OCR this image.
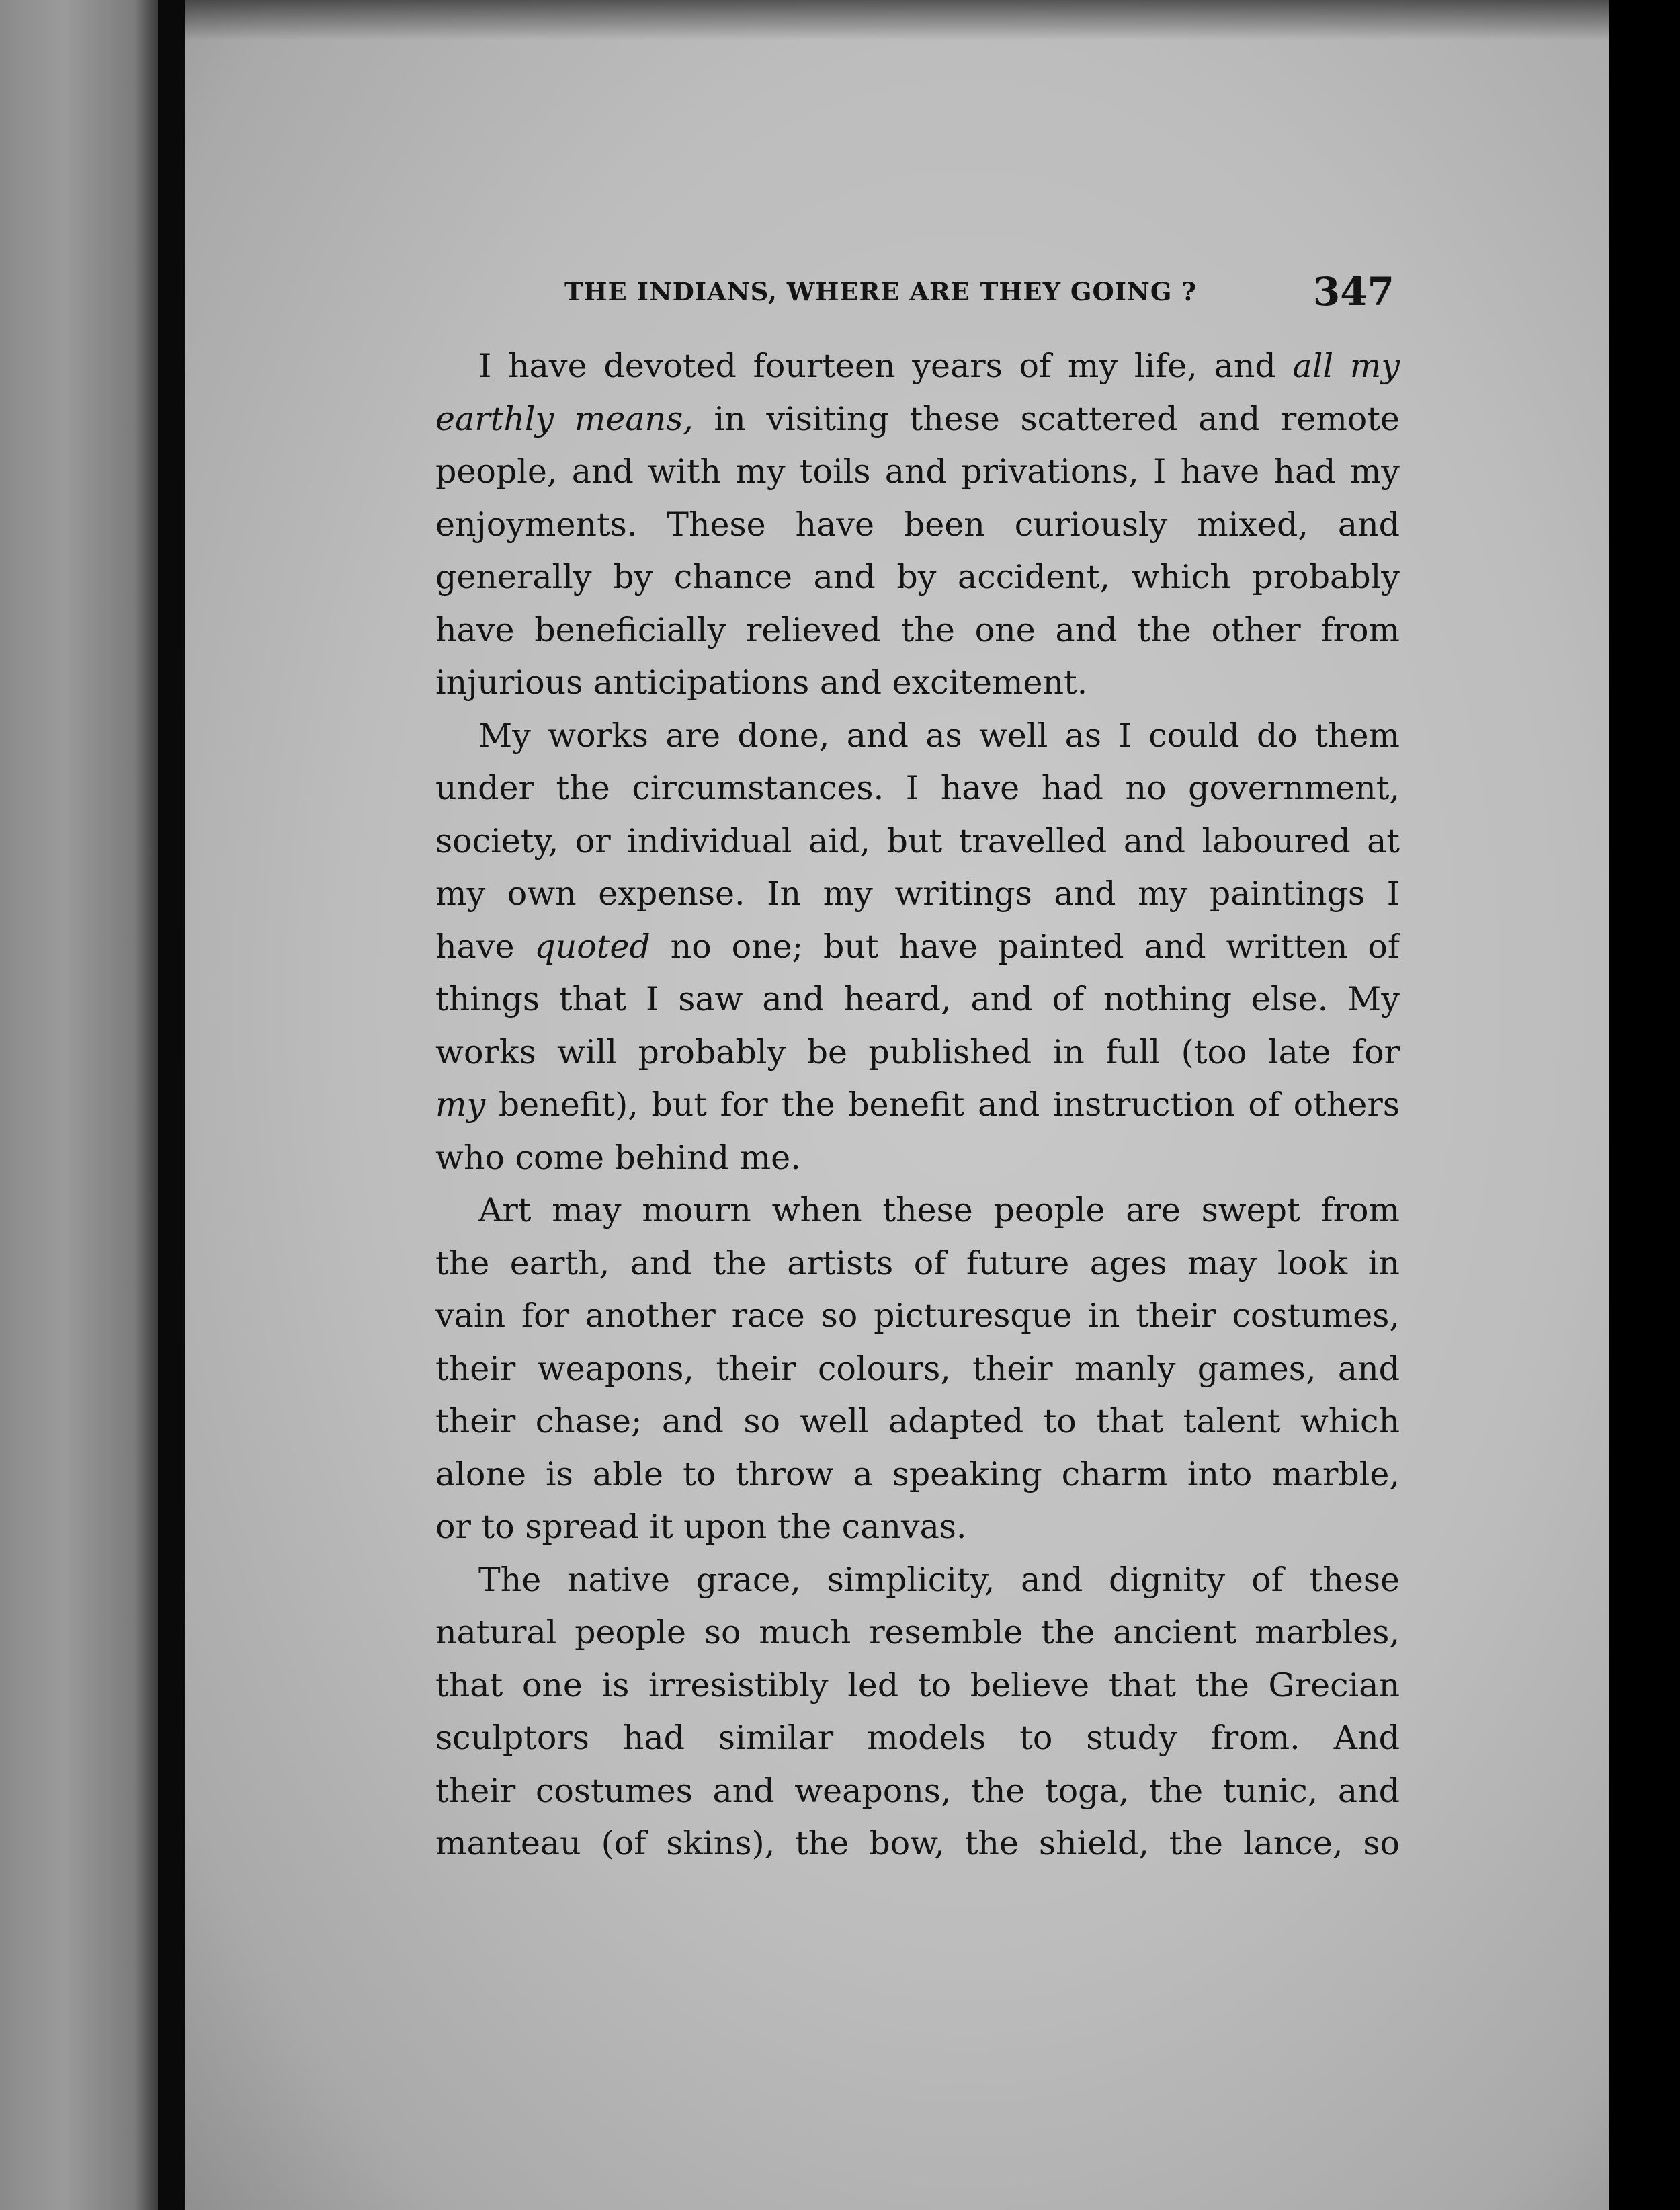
THE INDIANS, WHERE ARE THEY GOING ?	347
I have devoted fourteen years of my life, and all my
earthly means, in visiting these scattered and remote
people, and with my toils and privations, I have had my
enjoyments. These have been curiously mixed, and
generally by chance and by accident, which probably
have beneficially relieved the one and the other from
injurious anticipations and excitement.
My works are done, and as well as I could do them
under the circumstances. I have had no government,
society, or individual aid, but travelled and laboured at
my own expense. In my writings and my paintings I
have quoted no one; but have painted and written of
things that I saw and heard, and of nothing else. My
works will probably be published in full (too late for
my benefit), but for the benefit and instruction of others
who come behind me.
Art may mourn when these people are swept from
the earth, and the artists of future ages may look in
vain for another race so picturesque in their costumes,
their weapons, their colours, their manly games, and
their chase; and so well adapted to that talent which
alone is able to throw a speaking charm into marble,
or to spread it upon the canvas.
The native grace, simplicity, and dignity of these
natural people so much resemble the ancient marbles,
that one is irresistibly led to believe that the Grecian
sculptors had similar models to study from. And
their costumes and weapons, the toga, the tunic, and
manteau (of skins), the bow, the shield, the lance, so
